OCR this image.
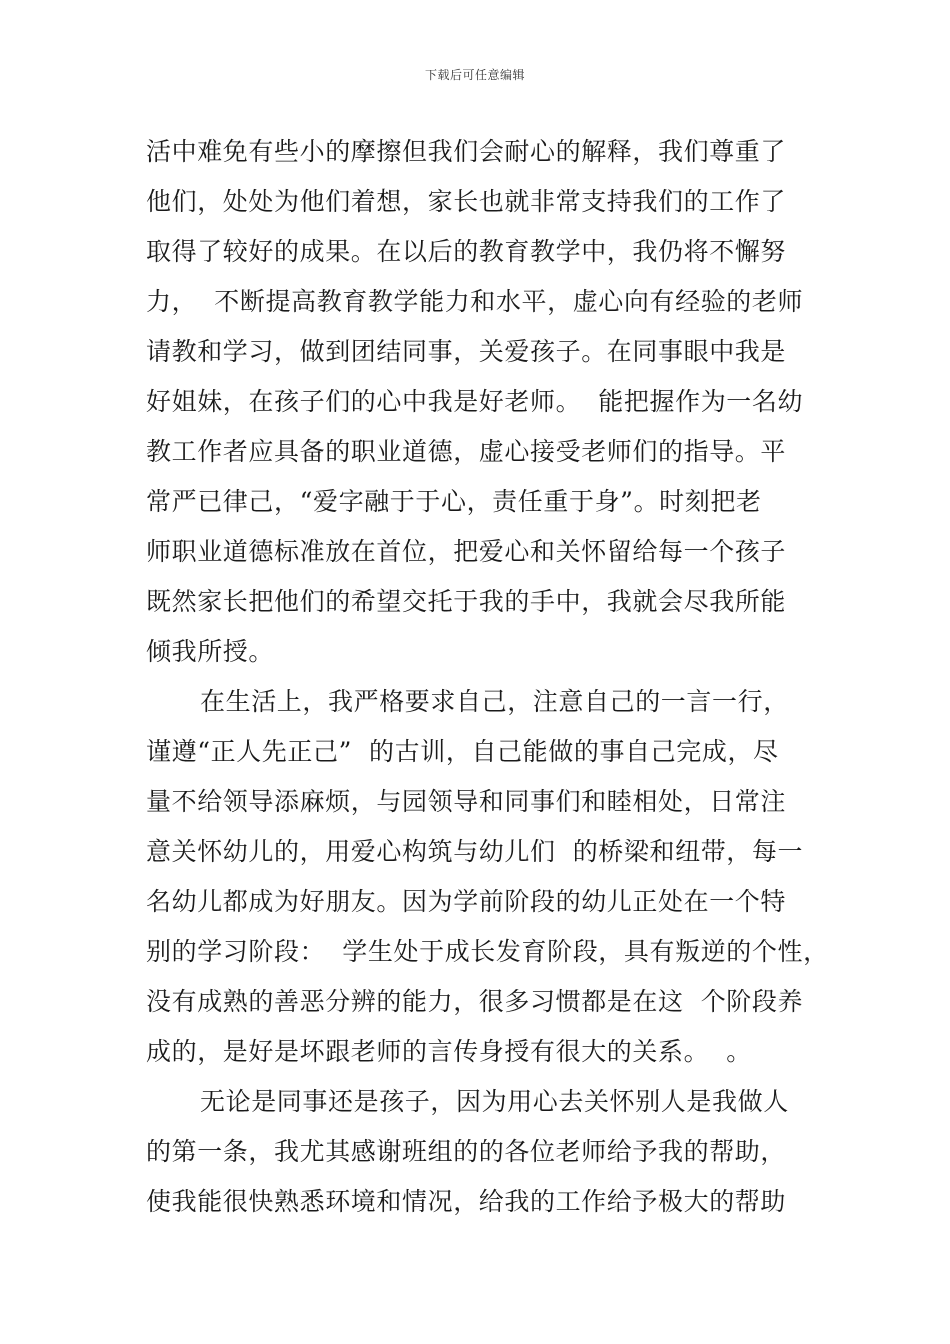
下载后可任意编辑
活中难免有些小的摩擦但我们会耐心的解释，我们尊重了
他们，处处为他们着想，家长也就非常支持我们的工作了
取得了较好的成果。在以后的教育教学中，我仍将不懈努
力，  不断提高教育教学能力和水平，虚心向有经验的老师
请教和学习，做到团结同事，关爱孩子。在同事眼中我是
好姐妹，在孩子们的心中我是好老师。  能把握作为一名幼
教工作者应具备的职业道德，虚心接受老师们的指导。平
常严已律己，“爱字融于于心，责任重于身”。时刻把老
师职业道德标准放在首位，把爱心和关怀留给每一个孩子
既然家长把他们的希望交托于我的手中，我就会尽我所能
倾我所授。
在生活上，我严格要求自己，注意自己的一言一行，
谨遵“正人先正己”  的古训，自己能做的事自己完成，尽
量不给领导添麻烦，与园领导和同事们和睦相处，日常注
意关怀幼儿的，用爱心构筑与幼儿们  的桥梁和纽带，每一
名幼儿都成为好朋友。因为学前阶段的幼儿正处在一个特
别的学习阶段：  学生处于成长发育阶段，具有叛逆的个性，
没有成熟的善恶分辨的能力，很多习惯都是在这  个阶段养
成的，是好是坏跟老师的言传身授有很大的关系。  。
无论是同事还是孩子，因为用心去关怀别人是我做人
的第一条，我尤其感谢班组的的各位老师给予我的帮助，
使我能很快熟悉环境和情况，给我的工作给予极大的帮助
